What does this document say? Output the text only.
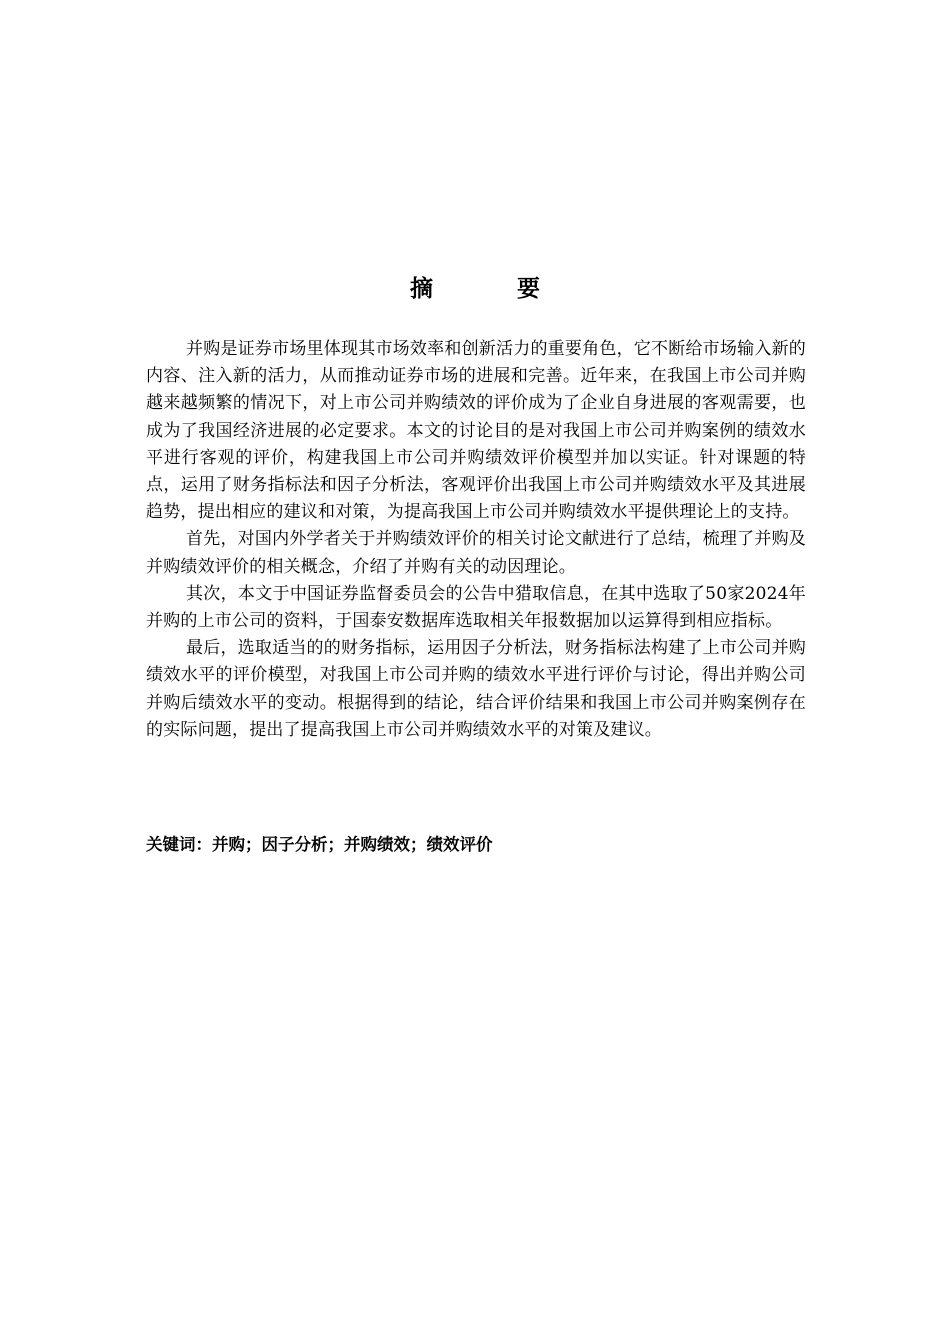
摘 要

并购是证券市场里体现其市场效率和创新活力的重要角色，它不断给市场输入新的内容、注入新的活力，从而推动证券市场的进展和完善。近年来，在我国上市公司并购越来越频繁的情况下，对上市公司并购绩效的评价成为了企业自身进展的客观需要，也成为了我国经济进展的必定要求。本文的讨论目的是对我国上市公司并购案例的绩效水平进行客观的评价，构建我国上市公司并购绩效评价模型并加以实证。针对课题的特点，运用了财务指标法和因子分析法，客观评价出我国上市公司并购绩效水平及其进展趋势，提出相应的建议和对策，为提高我国上市公司并购绩效水平提供理论上的支持。

首先，对国内外学者关于并购绩效评价的相关讨论文献进行了总结，梳理了并购及并购绩效评价的相关概念，介绍了并购有关的动因理论。

其次，本文于中国证券监督委员会的公告中猎取信息，在其中选取了50家2024年并购的上市公司的资料，于国泰安数据库选取相关年报数据加以运算得到相应指标。

最后，选取适当的的财务指标，运用因子分析法，财务指标法构建了上市公司并购绩效水平的评价模型，对我国上市公司并购的绩效水平进行评价与讨论，得出并购公司并购后绩效水平的变动。根据得到的结论，结合评价结果和我国上市公司并购案例存在的实际问题，提出了提高我国上市公司并购绩效水平的对策及建议。

关键词：并购；因子分析；并购绩效；绩效评价
